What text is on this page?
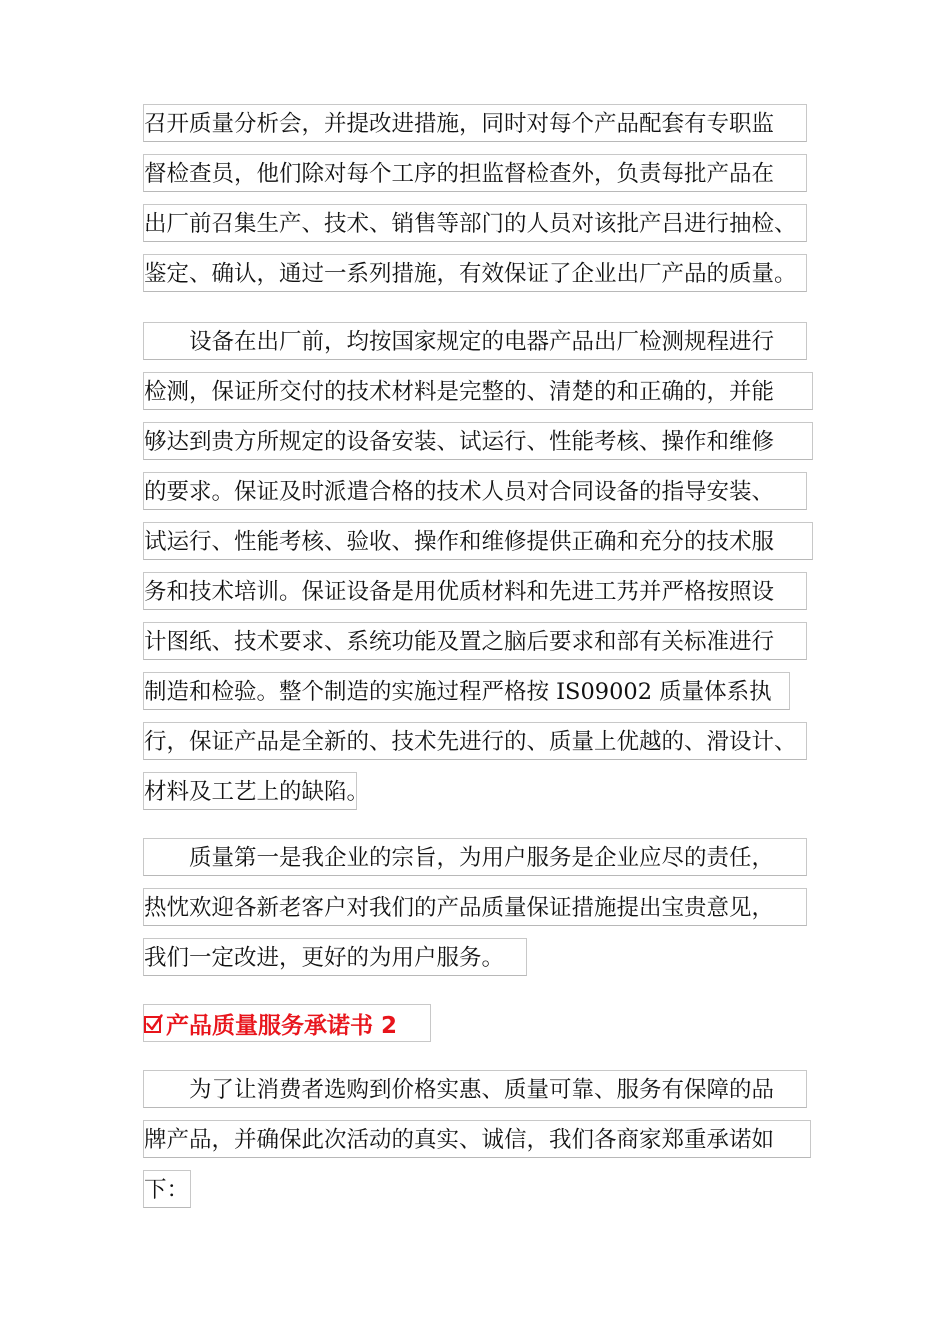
召开质量分析会，并提改进措施，同时对每个产品配套有专职监
督检查员，他们除对每个工序的担监督检查外，负责每批产品在
出厂前召集生产、技术、销售等部门的人员对该批产吕进行抽检、
鉴定、确认，通过一系列措施，有效保证了企业出厂产品的质量。
设备在出厂前，均按国家规定的电器产品出厂检测规程进行
检测，保证所交付的技术材料是完整的、清楚的和正确的，并能
够达到贵方所规定的设备安装、试运行、性能考核、操作和维修
的要求。保证及时派遣合格的技术人员对合同设备的指导安装、
试运行、性能考核、验收、操作和维修提供正确和充分的技术服
务和技术培训。保证设备是用优质材料和先进工艿并严格按照设
计图纸、技术要求、系统功能及置之脑后要求和部有关标准进行
制造和检验。整个制造的实施过程严格按 IS09002 质量体系执
行，保证产品是全新的、技术先进行的、质量上优越的、滑设计、
材料及工艺上的缺陷。
质量第一是我企业的宗旨，为用户服务是企业应尽的责任，
热忱欢迎各新老客户对我们的产品质量保证措施提出宝贵意见，
我们一定改进，更好的为用户服务。
产品质量服务承诺书 2
为了让消费者选购到价格实惠、质量可靠、服务有保障的品
牌产品，并确保此次活动的真实、诚信，我们各商家郑重承诺如
下：
